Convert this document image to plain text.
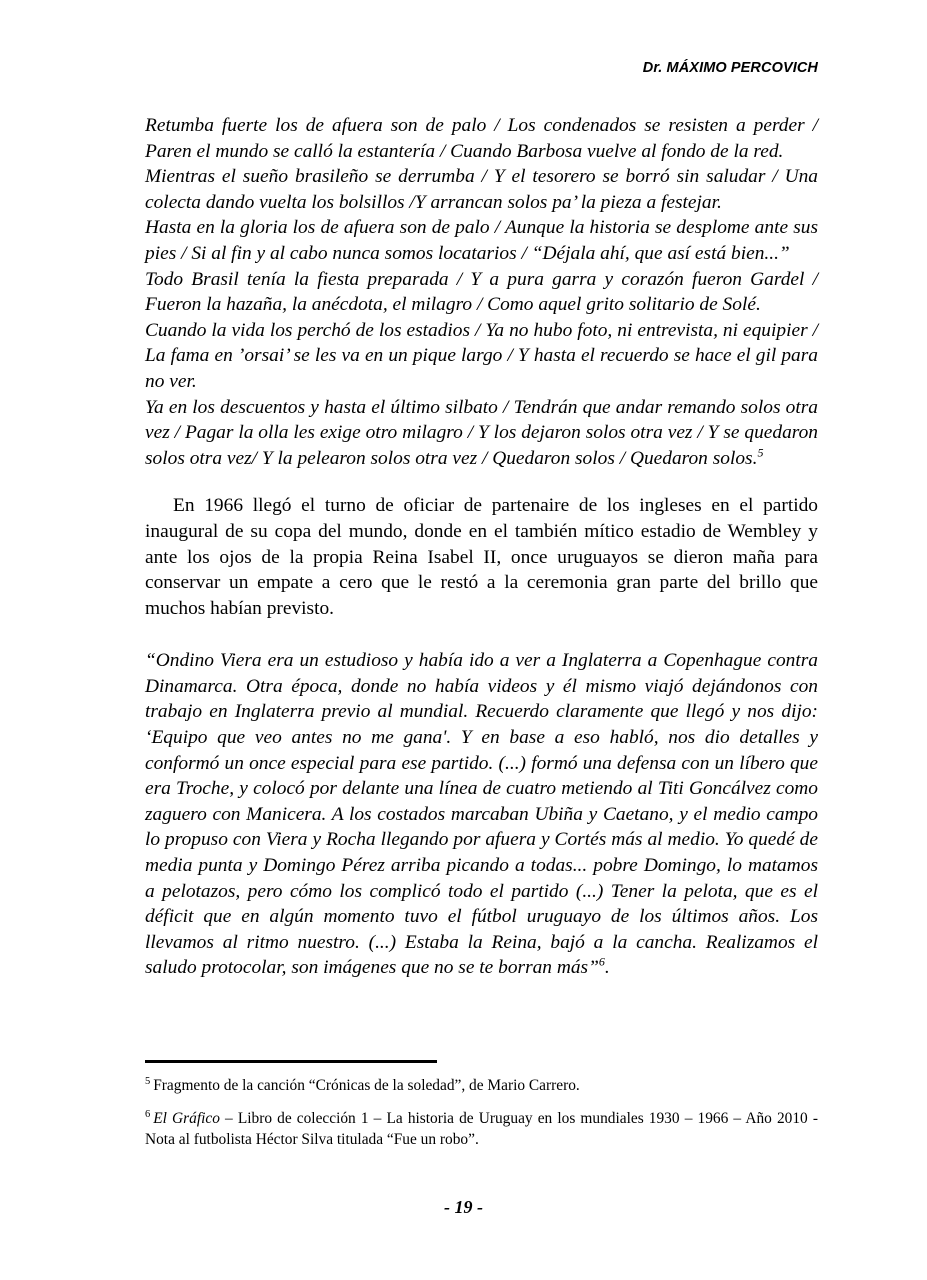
Dr. MÁXIMO PERCOVICH

Retumba fuerte los de afuera son de palo / Los condenados se resisten a perder / Paren el mundo se calló la estantería / Cuando Barbosa vuelve al fondo de la red.

Mientras el sueño brasileño se derrumba / Y el tesorero se borró sin saludar / Una colecta dando vuelta los bolsillos /Y arrancan solos pa’ la pieza a festejar.

Hasta en la gloria los de afuera son de palo / Aunque la historia se desplome ante sus pies / Si al fin y al cabo nunca somos locatarios / “Déjala ahí, que así está bien...”

Todo Brasil tenía la fiesta preparada / Y a pura garra y corazón fueron Gardel / Fueron la hazaña, la anécdota, el milagro / Como aquel grito solitario de Solé.

Cuando la vida los perchó de los estadios / Ya no hubo foto, ni entrevista, ni equipier / La fama en ’orsai’ se les va en un pique largo / Y hasta el recuerdo se hace el gil para no ver.

Ya en los descuentos y hasta el último silbato / Tendrán que andar remando solos otra vez / Pagar la olla les exige otro milagro / Y los dejaron solos otra vez / Y se quedaron solos otra vez/ Y la pelearon solos otra vez / Quedaron solos / Quedaron solos.$^5$

En 1966 llegó el turno de oficiar de partenaire de los ingleses en el partido inaugural de su copa del mundo, donde en el también mítico estadio de Wembley y ante los ojos de la propia Reina Isabel II, once uruguayos se dieron maña para conservar un empate a cero que le restó a la ceremonia gran parte del brillo que muchos habían previsto.

“Ondino Viera era un estudioso y había ido a ver a Inglaterra a Copenhague contra Dinamarca. Otra época, donde no había videos y él mismo viajó dejándonos con trabajo en Inglaterra previo al mundial. Recuerdo claramente que llegó y nos dijo: ‘Equipo que veo antes no me gana'. Y en base a eso habló, nos dio detalles y conformó un once especial para ese partido. (...) formó una defensa con un líbero que era Troche, y colocó por delante una línea de cuatro metiendo al Titi Goncálvez como zaguero con Manicera. A los costados marcaban Ubiña y Caetano, y el medio campo lo propuso con Viera y Rocha llegando por afuera y Cortés más al medio. Yo quedé de media punta y Domingo Pérez arriba picando a todas... pobre Domingo, lo matamos a pelotazos, pero cómo los complicó todo el partido (...) Tener la pelota, que es el déficit que en algún momento tuvo el fútbol uruguayo de los últimos años. Los llevamos al ritmo nuestro. (...) Estaba la Reina, bajó a la cancha. Realizamos el saludo protocolar, son imágenes que no se te borran más”$^6$.

$^5$ Fragmento de la canción “Crónicas de la soledad”, de Mario Carrero.

$^6$ El Gráfico – Libro de colección 1 – La historia de Uruguay en los mundiales 1930 – 1966 – Año 2010 - Nota al futbolista Héctor Silva titulada “Fue un robo”.

- 19 -
